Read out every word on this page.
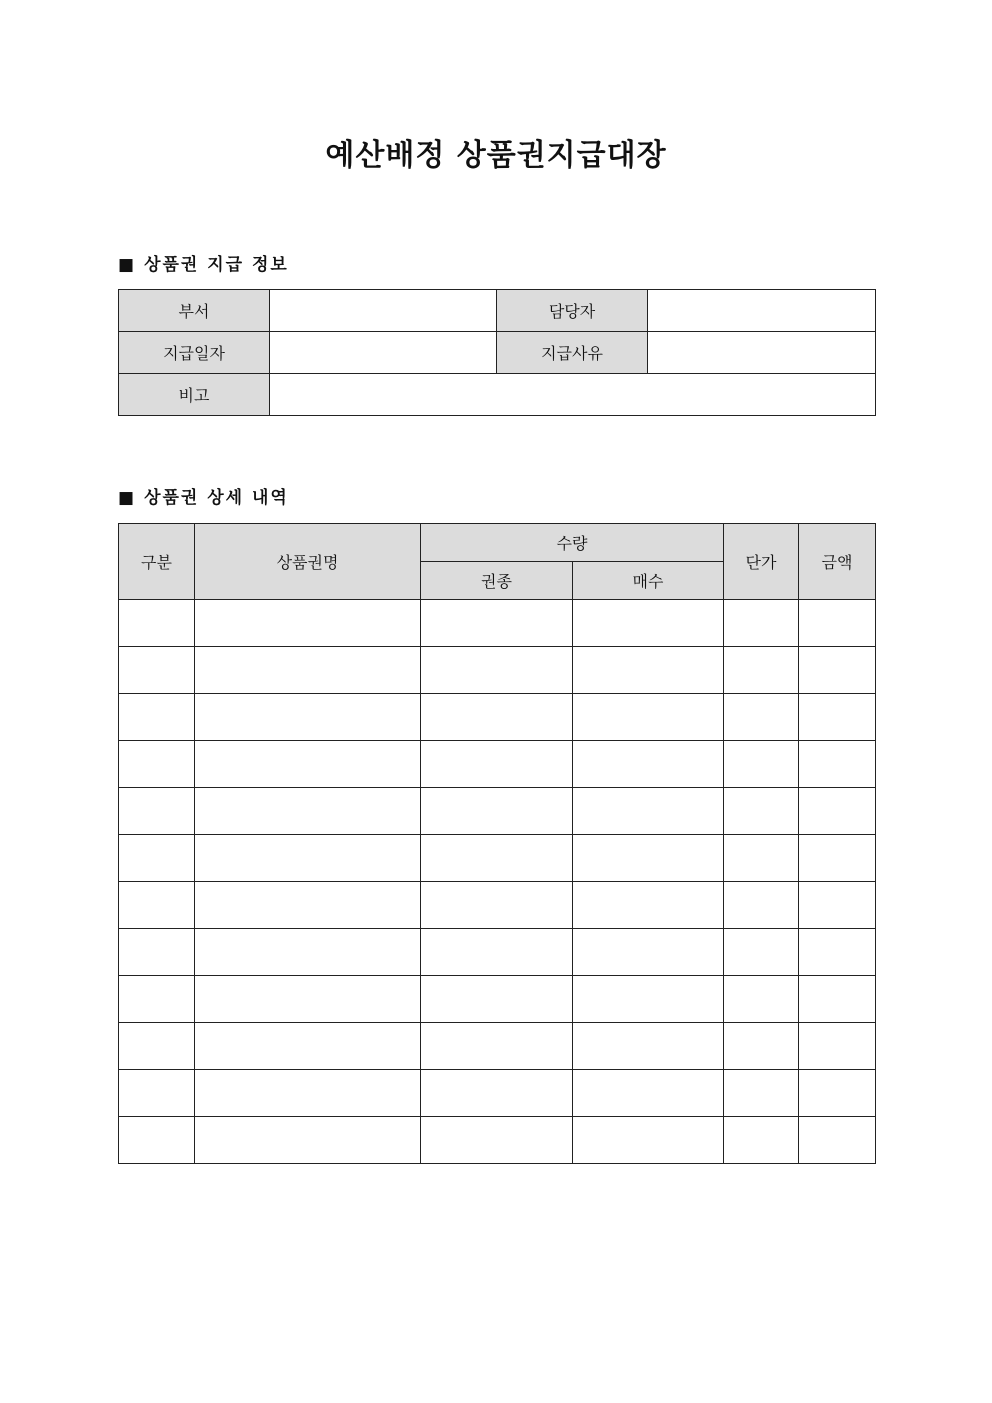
예산배정 상품권지급대장
■ 상품권 지급 정보
부서		담당자	
지급일자		지급사유	
비고			
■ 상품권 상세 내역
구분	상품권명	수량		단가	금액
		권종	매수		
